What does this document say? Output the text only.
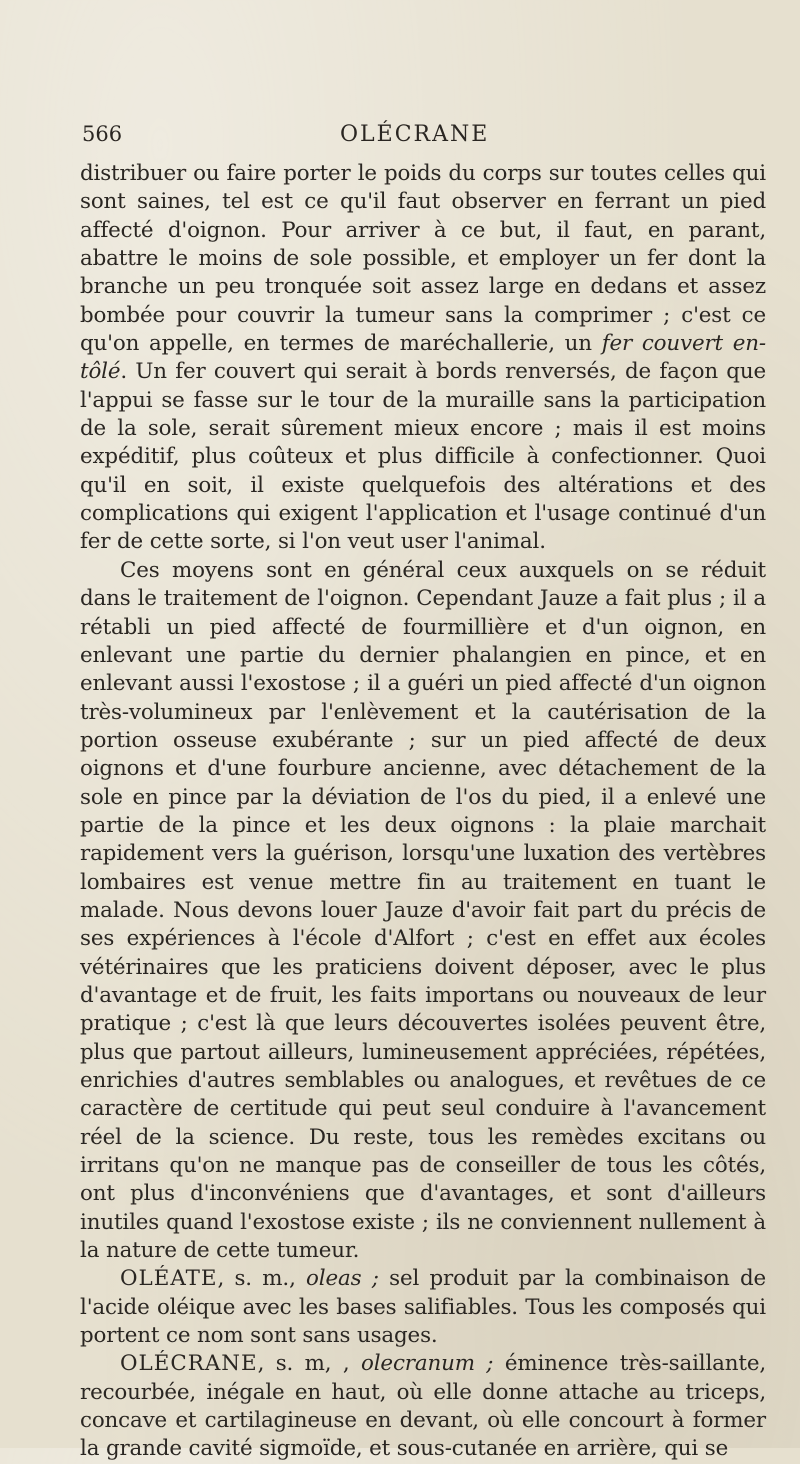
566	OLÉCRANE

distribuer ou faire porter le poids du corps sur toutes celles qui sont saines, tel est ce qu'il faut observer en ferrant un pied affecté d'oignon. Pour arriver à ce but, il faut, en parant, abattre le moins de sole possible, et employer un fer dont la branche un peu tronquée soit assez large en dedans et assez bombée pour couvrir la tumeur sans la comprimer ; c'est ce qu'on appelle, en termes de maréchallerie, un fer couvert en-tôlé. Un fer couvert qui serait à bords renversés, de façon que l'appui se fasse sur le tour de la muraille sans la participation de la sole, serait sûrement mieux encore ; mais il est moins expéditif, plus coûteux et plus difficile à confectionner. Quoi qu'il en soit, il existe quelquefois des altérations et des complications qui exigent l'application et l'usage continué d'un fer de cette sorte, si l'on veut user l'animal.

Ces moyens sont en général ceux auxquels on se réduit dans le traitement de l'oignon. Cependant Jauze a fait plus ; il a rétabli un pied affecté de fourmillière et d'un oignon, en enlevant une partie du dernier phalangien en pince, et en enlevant aussi l'exostose ; il a guéri un pied affecté d'un oignon très-volumineux par l'enlèvement et la cautérisation de la portion osseuse exubérante ; sur un pied affecté de deux oignons et d'une fourbure ancienne, avec détachement de la sole en pince par la déviation de l'os du pied, il a enlevé une partie de la pince et les deux oignons : la plaie marchait rapidement vers la guérison, lorsqu'une luxation des vertèbres lombaires est venue mettre fin au traitement en tuant le malade. Nous devons louer Jauze d'avoir fait part du précis de ses expériences à l'école d'Alfort ; c'est en effet aux écoles vétérinaires que les praticiens doivent déposer, avec le plus d'avantage et de fruit, les faits importans ou nouveaux de leur pratique ; c'est là que leurs découvertes isolées peuvent être, plus que partout ailleurs, lumineusement appréciées, répétées, enrichies d'autres semblables ou analogues, et revêtues de ce caractère de certitude qui peut seul conduire à l'avancement réel de la science. Du reste, tous les remèdes excitans ou irritans qu'on ne manque pas de conseiller de tous les côtés, ont plus d'inconvéniens que d'avantages, et sont d'ailleurs inutiles quand l'exostose existe ; ils ne conviennent nullement à la nature de cette tumeur.

OLÉATE, s. m., oleas ; sel produit par la combinaison de l'acide oléique avec les bases salifiables. Tous les composés qui portent ce nom sont sans usages.

OLÉCRANE, s. m, , olecranum ; éminence très-saillante, recourbée, inégale en haut, où elle donne attache au triceps, concave et cartilagineuse en devant, où elle concourt à former la grande cavité sigmoïde, et sous-cutanée en arrière, qui se
